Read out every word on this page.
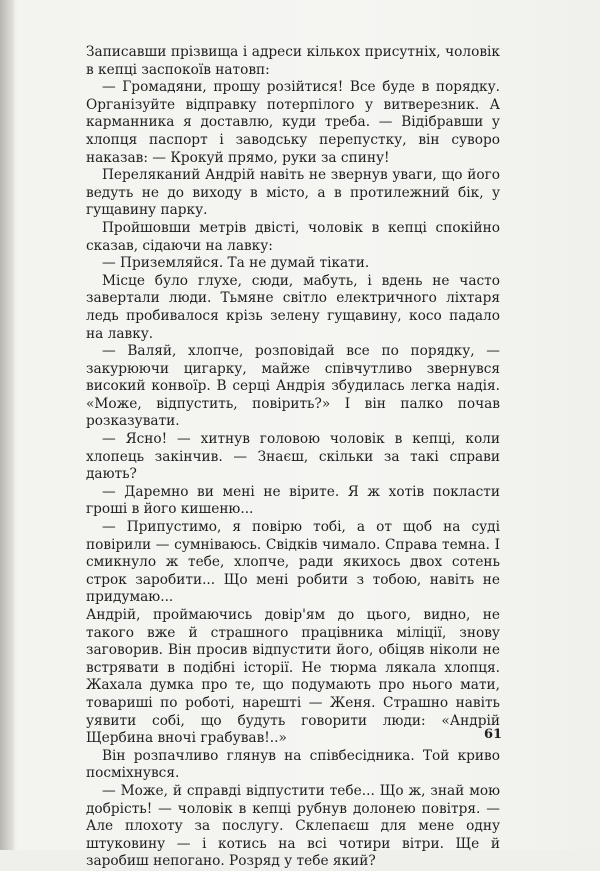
Записавши прізвища і адреси кількох присутніх, чоловік в кепці заспокоїв натовп:

— Громадяни, прошу розійтися! Все буде в порядку. Організуйте відправку потерпілого у витверезник. А карманника я доставлю, куди треба. — Відібравши у хлопця паспорт і заводську перепустку, він суворо наказав: — Крокуй прямо, руки за спину!

Переляканий Андрій навіть не звернув уваги, що його ведуть не до виходу в місто, а в протилежний бік, у гущавину парку.

Пройшовши метрів двісті, чоловік в кепці спокійно сказав, сідаючи на лавку:

— Приземляйся. Та не думай тікати.

Місце було глухе, сюди, мабуть, і вдень не часто завертали люди. Тьмяне світло електричного ліхтаря ледь пробивалося крізь зелену гущавину, косо падало на лавку.

— Валяй, хлопче, розповідай все по порядку, — закурюючи цигарку, майже співчутливо звернувся високий конвоїр. В серці Андрія збудилась легка надія. «Може, відпустить, повірить?» І він палко почав розказувати.

— Ясно! — хитнув головою чоловік в кепці, коли хлопець закінчив. — Знаєш, скільки за такі справи дають?

— Даремно ви мені не вірите. Я ж хотів покласти гроші в його кишеню...

— Припустимо, я повірю тобі, а от щоб на суді повірили — сумніваюсь. Свідків чимало. Справа темна. І смикнуло ж тебе, хлопче, ради якихось двох сотень строк заробити... Що мені робити з тобою, навіть не придумаю...

Андрій, проймаючись довір'ям до цього, видно, не такого вже й страшного працівника міліції, знову заговорив. Він просив відпустити його, обіцяв ніколи не встрявати в подібні історії. Не тюрма лякала хлопця. Жахала думка про те, що подумають про нього мати, товариші по роботі, нарешті — Женя. Страшно навіть уявити собі, що будуть говорити люди: «Андрій Щербина вночі грабував!..»

Він розпачливо глянув на співбесідника. Той криво посміхнувся.

— Може, й справді відпустити тебе... Що ж, знай мою добрість! — чоловік в кепці рубнув долонею повітря. — Але плохоту за послугу. Склепаєш для мене одну штуковину — і котись на всі чотири вітри. Ще й заробиш непогано. Розряд у тебе який?

61
